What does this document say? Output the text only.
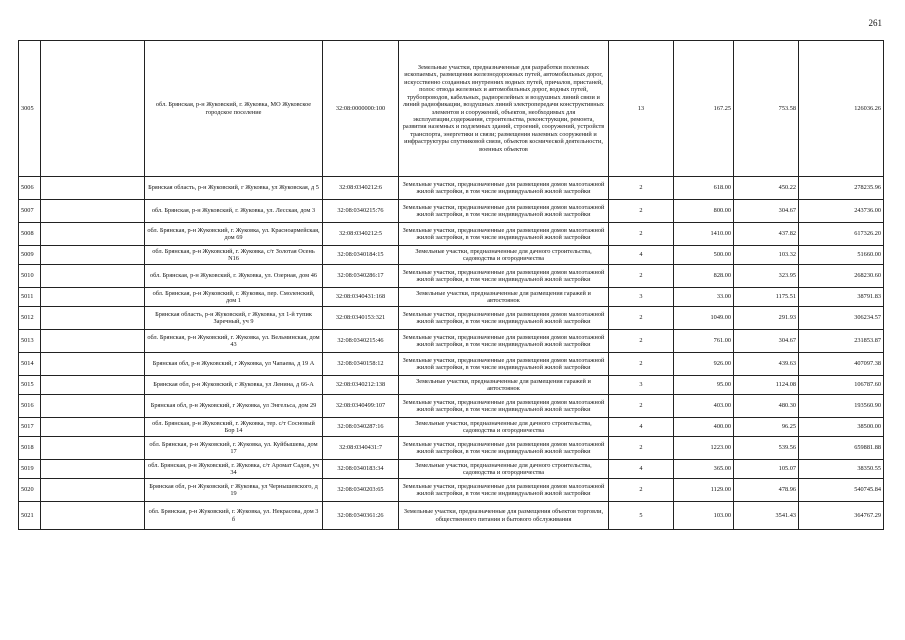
261
3005		обл. Брянская, р-н Жуковский, г. Жуковка, МО Жуковское городское поселение	32:08:0000000:100	Земельные участки, предназначенные для разработки полезных ископаемых, размещения железнодорожных путей, автомобильных дорог, искусственно созданных внутренних водных путей, причалов, пристаней, полос отвода железных и автомобильных дорог, водных путей, трубопроводов, кабельных, радиорелейных и воздушных линий связи и линий радиофикации, воздушных линий электропередачи конструктивных элементов и сооружений, объектов, необходимых для эксплуатации,содержания, строительства, реконструкции, ремонта, развития наземных и подземных зданий, строений, сооружений, устройств транспорта, энергетики и связи; размещения наземных сооружений и инфраструктуры спутниковой связи, объектов космической деятельности, военных объектов	13	167.25	753.58	126036.26
5006		Брянская область, р-н Жуковский, г Жуковка, ул Жуковская, д 5	32:08:0340212:6	Земельные участки, предназначенные для размещения домов малоэтажной жилой застройки, в том числе индивидуальной жилой застройки	2	618.00	450.22	278235.96
5007		обл. Брянская, р-н Жуковский, г. Жуковка, ул. Лесская, дом 3	32:08:0340215:76	Земельные участки, предназначенные для размещения домов малоэтажной жилой застройки, в том числе индивидуальной жилой застройки	2	800.00	304.67	243736.00
5008		обл. Брянская, р-н Жуковский, г. Жуковка, ул. Красноармейская, дом 69	32:08:0340212:5	Земельные участки, предназначенные для размещения домов малоэтажной жилой застройки, в том числе индивидуальной жилой застройки	2	1410.00	437.82	617326.20
5009		обл. Брянская, р-н Жуковский, г. Жуковка, с/т Золотая Осень N16	32:08:0340184:15	Земельные участки, предназначенные для дачного строительства, садоводства и огородничества	4	500.00	103.32	51660.00
5010		обл. Брянская, р-н Жуковский, г. Жуковка, ул. Озерная, дом 46	32:08:0340286:17	Земельные участки, предназначенные для размещения домов малоэтажной жилой застройки, в том числе индивидуальной жилой застройки	2	828.00	323.95	268230.60
5011		обл. Брянская, р-н Жуковский, г. Жуковка, пер. Смоленский, дом 1	32:08:0340431:168	Земельные участки, предназначенные для размещения гаражей и автостоянок	3	33.00	1175.51	38791.83
5012		Брянская область, р-н Жуковский, г Жуковка, ул 1-й тупик Заречный, уч 9	32:08:0340153:321	Земельные участки, предназначенные для размещения домов малоэтажной жилой застройки, в том числе индивидуальной жилой застройки	2	1049.00	291.93	306234.57
5013		обл. Брянская, р-н Жуковский, г. Жуковка, ул. Вельминская, дом 43	32:08:0340215:46	Земельные участки, предназначенные для размещения домов малоэтажной жилой застройки, в том числе индивидуальной жилой застройки	2	761.00	304.67	231853.87
5014		Брянская обл, р-н Жуковский, г Жуковка, ул Чапаева, д 19 А	32:08:0340158:12	Земельные участки, предназначенные для размещения домов малоэтажной жилой застройки, в том числе индивидуальной жилой застройки	2	926.00	439.63	407097.38
5015		Брянская обл, р-н Жуковский, г Жуковка, ул Ленина, д 66-А	32:08:0340212:138	Земельные участки, предназначенные для размещения гаражей и автостоянок	3	95.00	1124.08	106787.60
5016		Брянская обл, р-н Жуковский, г Жуковка, ул Энгельса, дом 29	32:08:0340499:107	Земельные участки, предназначенные для размещения домов малоэтажной жилой застройки, в том числе индивидуальной жилой застройки	2	403.00	480.30	193560.90
5017		обл. Брянская, р-н Жуковский, г. Жуковка, тер. с/т Сосновый Бор 14	32:08:0340287:16	Земельные участки, предназначенные для дачного строительства, садоводства и огородничества	4	400.00	96.25	38500.00
5018		обл. Брянская, р-н Жуковский, г. Жуковка, ул. Куйбышева, дом 17	32:08:0340431:7	Земельные участки, предназначенные для размещения домов малоэтажной жилой застройки, в том числе индивидуальной жилой застройки	2	1223.00	539.56	659881.88
5019		обл. Брянская, р-н Жуковский, г. Жуковка, с/т Аромат Садов, уч 34	32:08:0340183:34	Земельные участки, предназначенные для дачного строительства, садоводства и огородничества	4	365.00	105.07	38350.55
5020		Брянская обл, р-н Жуковский, г Жуковка, ул Чернышевского, д 19	32:08:0340203:65	Земельные участки, предназначенные для размещения домов малоэтажной жилой застройки, в том числе индивидуальной жилой застройки	2	1129.00	478.96	540745.84
5021		обл. Брянская, р-н Жуковский, г. Жуковка, ул. Некрасова, дом 3 б	32:08:0340361:26	Земельные участки, предназначенные для размещения объектов торговли, общественного питания и бытового обслуживания	5	103.00	3541.43	364767.29
